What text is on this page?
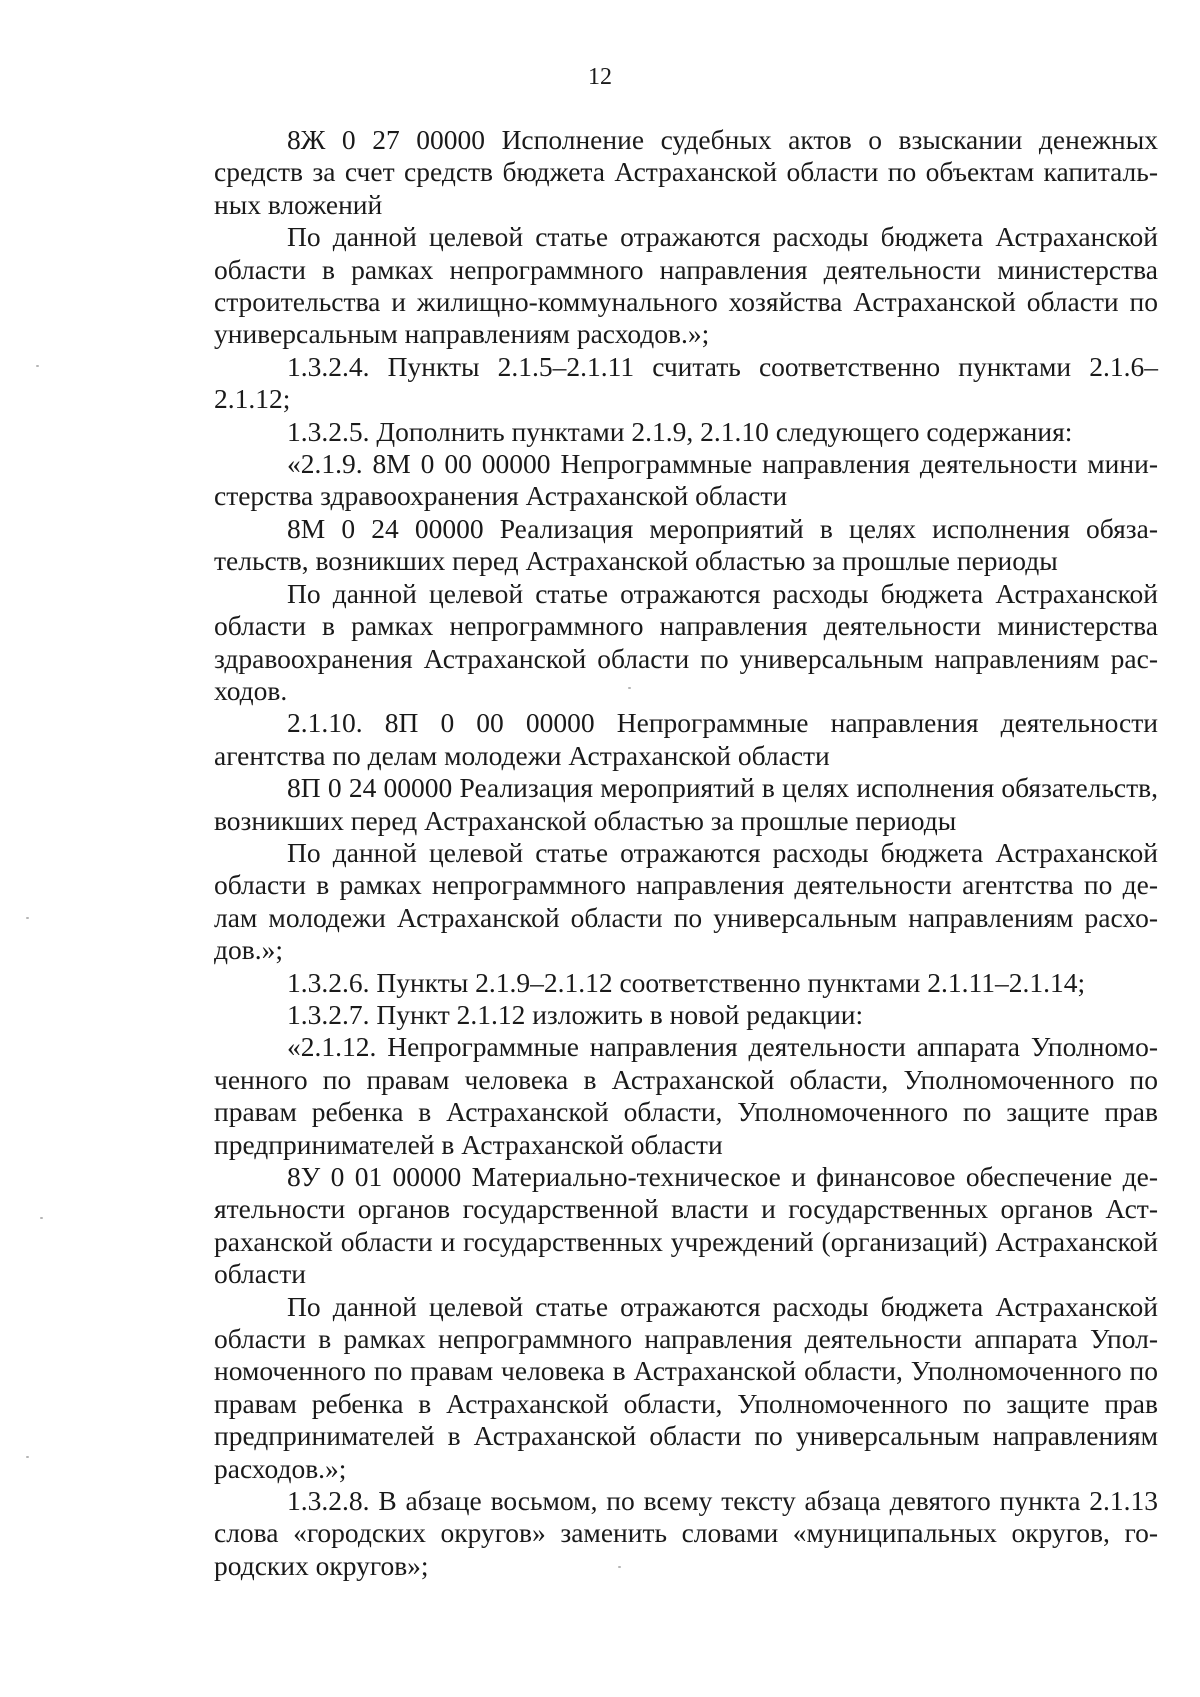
12

8Ж 0 27 00000 Исполнение судебных актов о взыскании денежных средств за счет средств бюджета Астраханской области по объектам капитальных вложений

По данной целевой статье отражаются расходы бюджета Астраханской области в рамках непрограммного направления деятельности министерства строительства и жилищно-коммунального хозяйства Астраханской области по универсальным направлениям расходов.»;

1.3.2.4. Пункты 2.1.5–2.1.11 считать соответственно пунктами 2.1.6–2.1.12;

1.3.2.5. Дополнить пунктами 2.1.9, 2.1.10 следующего содержания:

«2.1.9. 8М 0 00 00000 Непрограммные направления деятельности министерства здравоохранения Астраханской области

8М 0 24 00000 Реализация мероприятий в целях исполнения обязательств, возникших перед Астраханской областью за прошлые периоды

По данной целевой статье отражаются расходы бюджета Астраханской области в рамках непрограммного направления деятельности министерства здравоохранения Астраханской области по универсальным направлениям расходов.

2.1.10. 8П 0 00 00000 Непрограммные направления деятельности агентства по делам молодежи Астраханской области

8П 0 24 00000 Реализация мероприятий в целях исполнения обязательств, возникших перед Астраханской областью за прошлые периоды

По данной целевой статье отражаются расходы бюджета Астраханской области в рамках непрограммного направления деятельности агентства по делам молодежи Астраханской области по универсальным направлениям расходов.»;

1.3.2.6. Пункты 2.1.9–2.1.12 соответственно пунктами 2.1.11–2.1.14;

1.3.2.7. Пункт 2.1.12 изложить в новой редакции:

«2.1.12. Непрограммные направления деятельности аппарата Уполномоченного по правам человека в Астраханской области, Уполномоченного по правам ребенка в Астраханской области, Уполномоченного по защите прав предпринимателей в Астраханской области

8У 0 01 00000 Материально-техническое и финансовое обеспечение деятельности органов государственной власти и государственных органов Астраханской области и государственных учреждений (организаций) Астраханской области

По данной целевой статье отражаются расходы бюджета Астраханской области в рамках непрограммного направления деятельности аппарата Уполномоченного по правам человека в Астраханской области, Уполномоченного по правам ребенка в Астраханской области, Уполномоченного по защите прав предпринимателей в Астраханской области по универсальным направлениям расходов.»;

1.3.2.8. В абзаце восьмом, по всему тексту абзаца девятого пункта 2.1.13 слова «городских округов» заменить словами «муниципальных округов, городских округов»;
